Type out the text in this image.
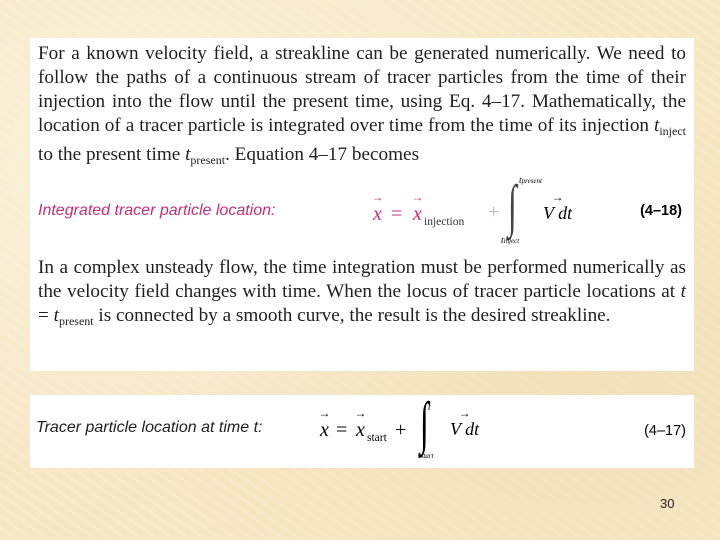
For a known velocity field, a streakline can be generated numerically. We need to follow the paths of a continuous stream of tracer particles from the time of their injection into the flow until the present time, using Eq. 4–17. Mathematically, the location of a tracer particle is integrated over time from the time of its injection $t_{inject}$ to the present time $t_{present}$. Equation 4–17 becomes

Integrated tracer particle location:	→ x = → x injection + ∫ tpresent
tinject
→ V dt	(4–18)

In a complex unsteady flow, the time integration must be performed numerically as the velocity field changes with time. When the locus of tracer particle locations at $t = t_{present}$ is connected by a smooth curve, the result is the desired streakline.

Tracer particle location at time t:	→ x = → x start + ∫ t
tstart
→ V dt	(4–17)
30
